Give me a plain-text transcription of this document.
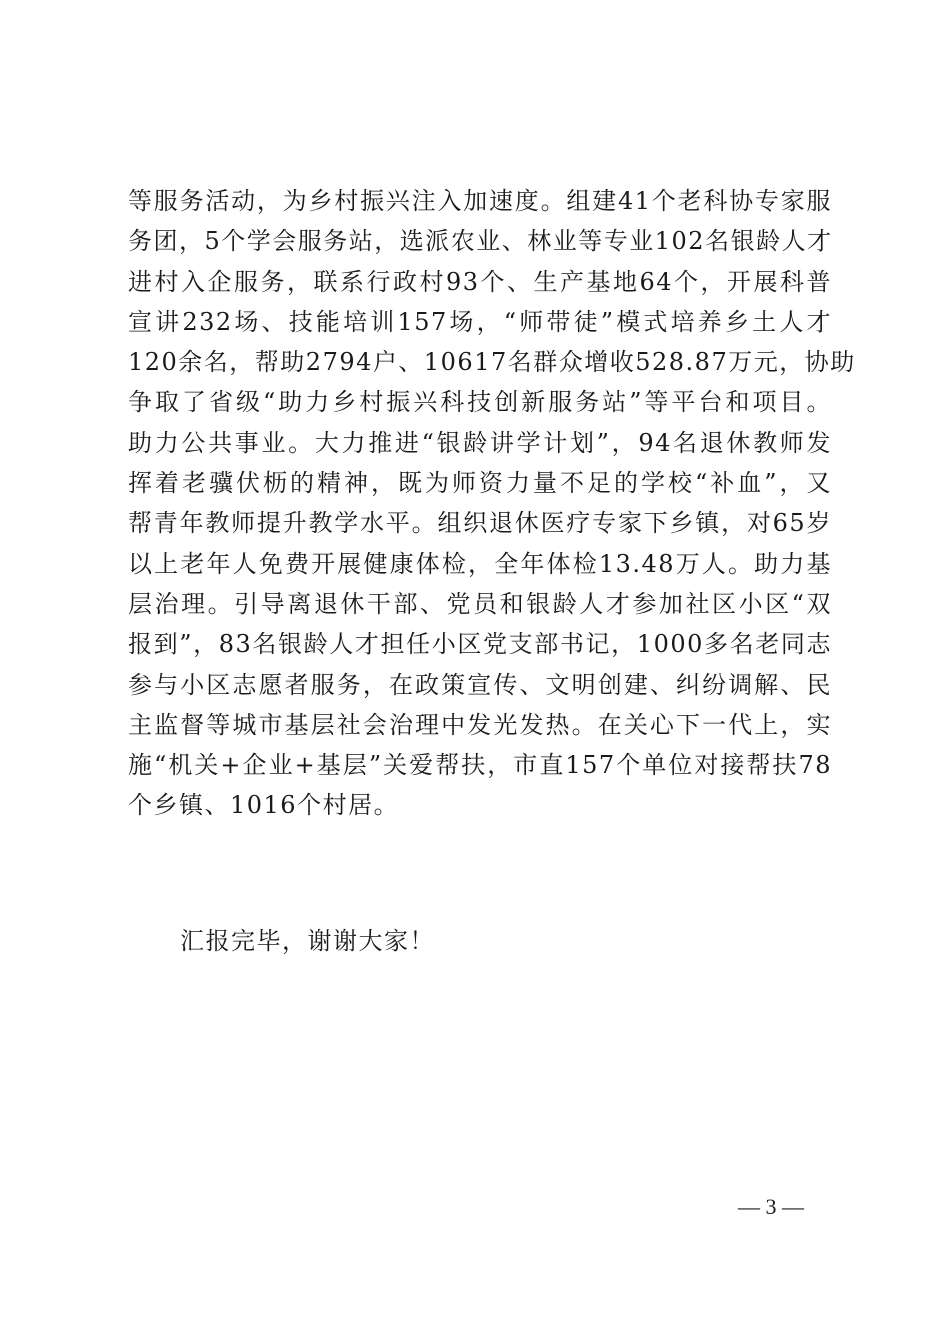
等服务活动，为乡村振兴注入加速度。组建41个老科协专家服
务团，5个学会服务站，选派农业、林业等专业102名银龄人才
进村入企服务，联系行政村93个、生产基地64个，开展科普
宣讲232场、技能培训157场，“师带徒”模式培养乡土人才
120余名，帮助2794户、10617名群众增收528.87万元，协助
争取了省级“助力乡村振兴科技创新服务站”等平台和项目。
助力公共事业。大力推进“银龄讲学计划”，94名退休教师发
挥着老骥伏枥的精神，既为师资力量不足的学校“补血”，又
帮青年教师提升教学水平。组织退休医疗专家下乡镇，对65岁
以上老年人免费开展健康体检，全年体检13.48万人。助力基
层治理。引导离退休干部、党员和银龄人才参加社区小区“双
报到”，83名银龄人才担任小区党支部书记，1000多名老同志
参与小区志愿者服务，在政策宣传、文明创建、纠纷调解、民
主监督等城市基层社会治理中发光发热。在关心下一代上，实
施“机关+企业+基层”关爱帮扶，市直157个单位对接帮扶78
个乡镇、1016个村居。
汇报完毕，谢谢大家！
— 3 —
